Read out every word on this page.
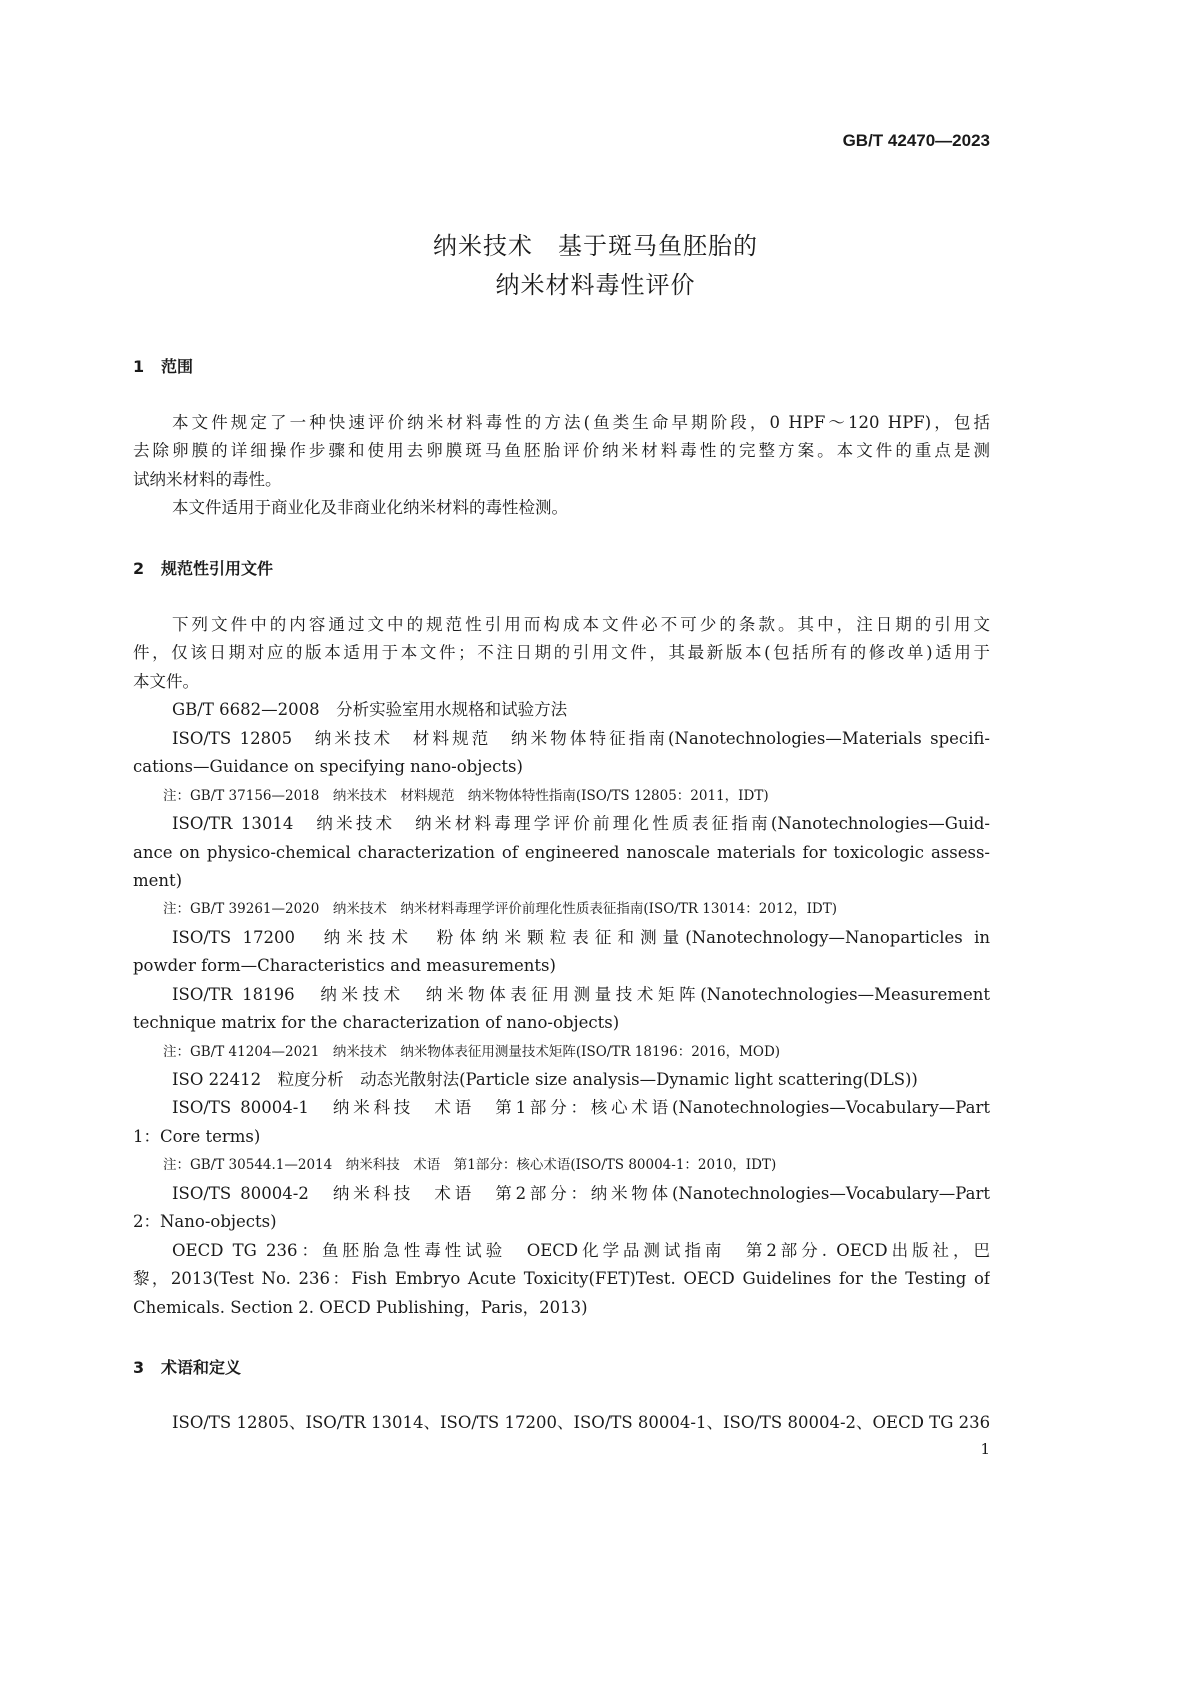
GB/T 42470—2023
纳米技术　基于斑马鱼胚胎的
纳米材料毒性评价
1 范围
本文件规定了一种快速评价纳米材料毒性的方法(鱼类生命早期阶段，0 HPF～120 HPF)，包括
去除卵膜的详细操作步骤和使用去卵膜斑马鱼胚胎评价纳米材料毒性的完整方案。本文件的重点是测
试纳米材料的毒性。
本文件适用于商业化及非商业化纳米材料的毒性检测。
2 规范性引用文件
下列文件中的内容通过文中的规范性引用而构成本文件必不可少的条款。其中，注日期的引用文
件，仅该日期对应的版本适用于本文件；不注日期的引用文件，其最新版本(包括所有的修改单)适用于
本文件。
GB/T 6682—2008　分析实验室用水规格和试验方法
ISO/TS 12805　纳米技术　材料规范　纳米物体特征指南(Nanotechnologies—Materials specifi-
cations—Guidance on specifying nano-objects)
注：GB/T 37156—2018　纳米技术　材料规范　纳米物体特性指南(ISO/TS 12805：2011，IDT)
ISO/TR 13014　纳米技术　纳米材料毒理学评价前理化性质表征指南(Nanotechnologies—Guid-
ance on physico-chemical characterization of engineered nanoscale materials for toxicologic assess-
ment)
注：GB/T 39261—2020　纳米技术　纳米材料毒理学评价前理化性质表征指南(ISO/TR 13014：2012，IDT)
ISO/TS 17200　纳米技术　粉体纳米颗粒表征和测量(Nanotechnology—Nanoparticles in
powder form—Characteristics and measurements)
ISO/TR 18196　纳米技术　纳米物体表征用测量技术矩阵(Nanotechnologies—Measurement
technique matrix for the characterization of nano-objects)
注：GB/T 41204—2021　纳米技术　纳米物体表征用测量技术矩阵(ISO/TR 18196：2016，MOD)
ISO 22412　粒度分析　动态光散射法(Particle size analysis—Dynamic light scattering(DLS))
ISO/TS 80004-1　纳米科技　术语　第1部分：核心术语(Nanotechnologies—Vocabulary—Part
1：Core terms)
注：GB/T 30544.1—2014　纳米科技　术语　第1部分：核心术语(ISO/TS 80004-1：2010，IDT)
ISO/TS 80004-2　纳米科技　术语　第2部分：纳米物体(Nanotechnologies—Vocabulary—Part
2：Nano-objects)
OECD TG 236：鱼胚胎急性毒性试验　OECD化学品测试指南　第2部分. OECD出版社，巴
黎，2013(Test No. 236：Fish Embryo Acute Toxicity(FET)Test. OECD Guidelines for the Testing of
Chemicals. Section 2. OECD Publishing，Paris，2013)
3 术语和定义
ISO/TS 12805、ISO/TR 13014、ISO/TS 17200、ISO/TS 80004-1、ISO/TS 80004-2、OECD TG 236
1
